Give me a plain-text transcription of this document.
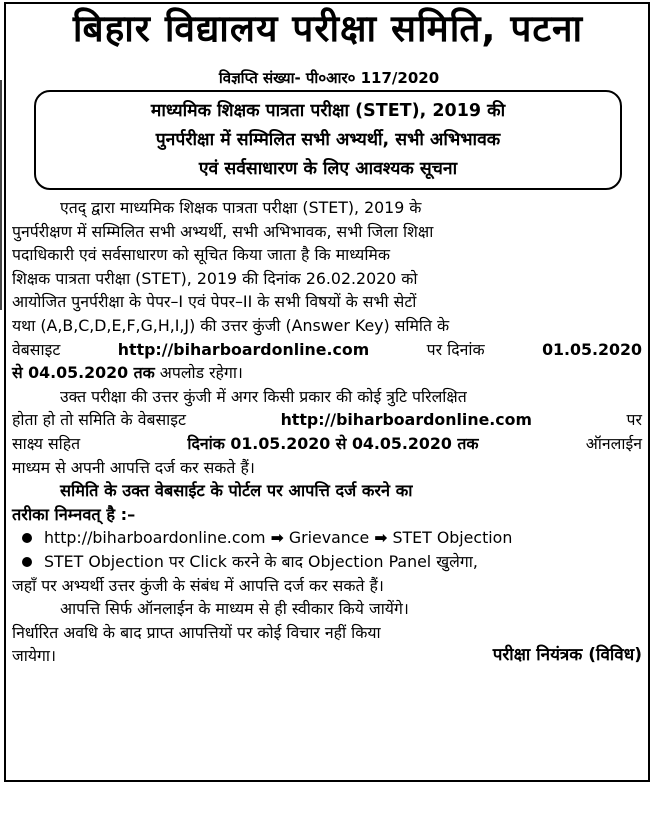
बिहार विद्यालय परीक्षा समिति, पटना
विज्ञप्ति संख्या- पी०आर० 117/2020
माध्यमिक शिक्षक पात्रता परीक्षा (STET), 2019 की
पुनर्परीक्षा में सम्मिलित सभी अभ्यर्थी, सभी अभिभावक
एवं सर्वसाधारण के लिए आवश्यक सूचना
एतद् द्वारा माध्यमिक शिक्षक पात्रता परीक्षा (STET), 2019 के
पुनर्परीक्षण में सम्मिलित सभी अभ्यर्थी, सभी अभिभावक, सभी जिला शिक्षा
पदाधिकारी एवं सर्वसाधारण को सूचित किया जाता है कि माध्यमिक
शिक्षक पात्रता परीक्षा (STET), 2019 की दिनांक 26.02.2020 को
आयोजित पुनर्परीक्षा के पेपर–I एवं पेपर–II के सभी विषयों के सभी सेटों
यथा (A,B,C,D,E,F,G,H,I,J) की उत्तर कुंजी (Answer Key) समिति के
वेबसाइट	http://biharboardonline.com	पर दिनांक	01.05.2020
से 04.05.2020 तक अपलोड रहेगा।
उक्त परीक्षा की उत्तर कुंजी में अगर किसी प्रकार की कोई त्रुटि परिलक्षित
होता हो तो समिति के वेबसाइट	http://biharboardonline.com	पर
साक्ष्य सहित	दिनांक 01.05.2020 से 04.05.2020 तक	ऑनलाईन
माध्यम से अपनी आपत्ति दर्ज कर सकते हैं।
समिति के उक्त वेबसाईट के पोर्टल पर आपत्ति दर्ज करने का
तरीका निम्नवत् है :–
http://biharboardonline.com ➡ Grievance ➡ STET Objection
STET Objection पर Click करने के बाद Objection Panel खुलेगा,
जहाँ पर अभ्यर्थी उत्तर कुंजी के संबंध में आपत्ति दर्ज कर सकते हैं।
आपत्ति सिर्फ ऑनलाईन के माध्यम से ही स्वीकार किये जायेंगे।
निर्धारित अवधि के बाद प्राप्त आपत्तियों पर कोई विचार नहीं किया
जायेगा।	परीक्षा नियंत्रक (विविध)
